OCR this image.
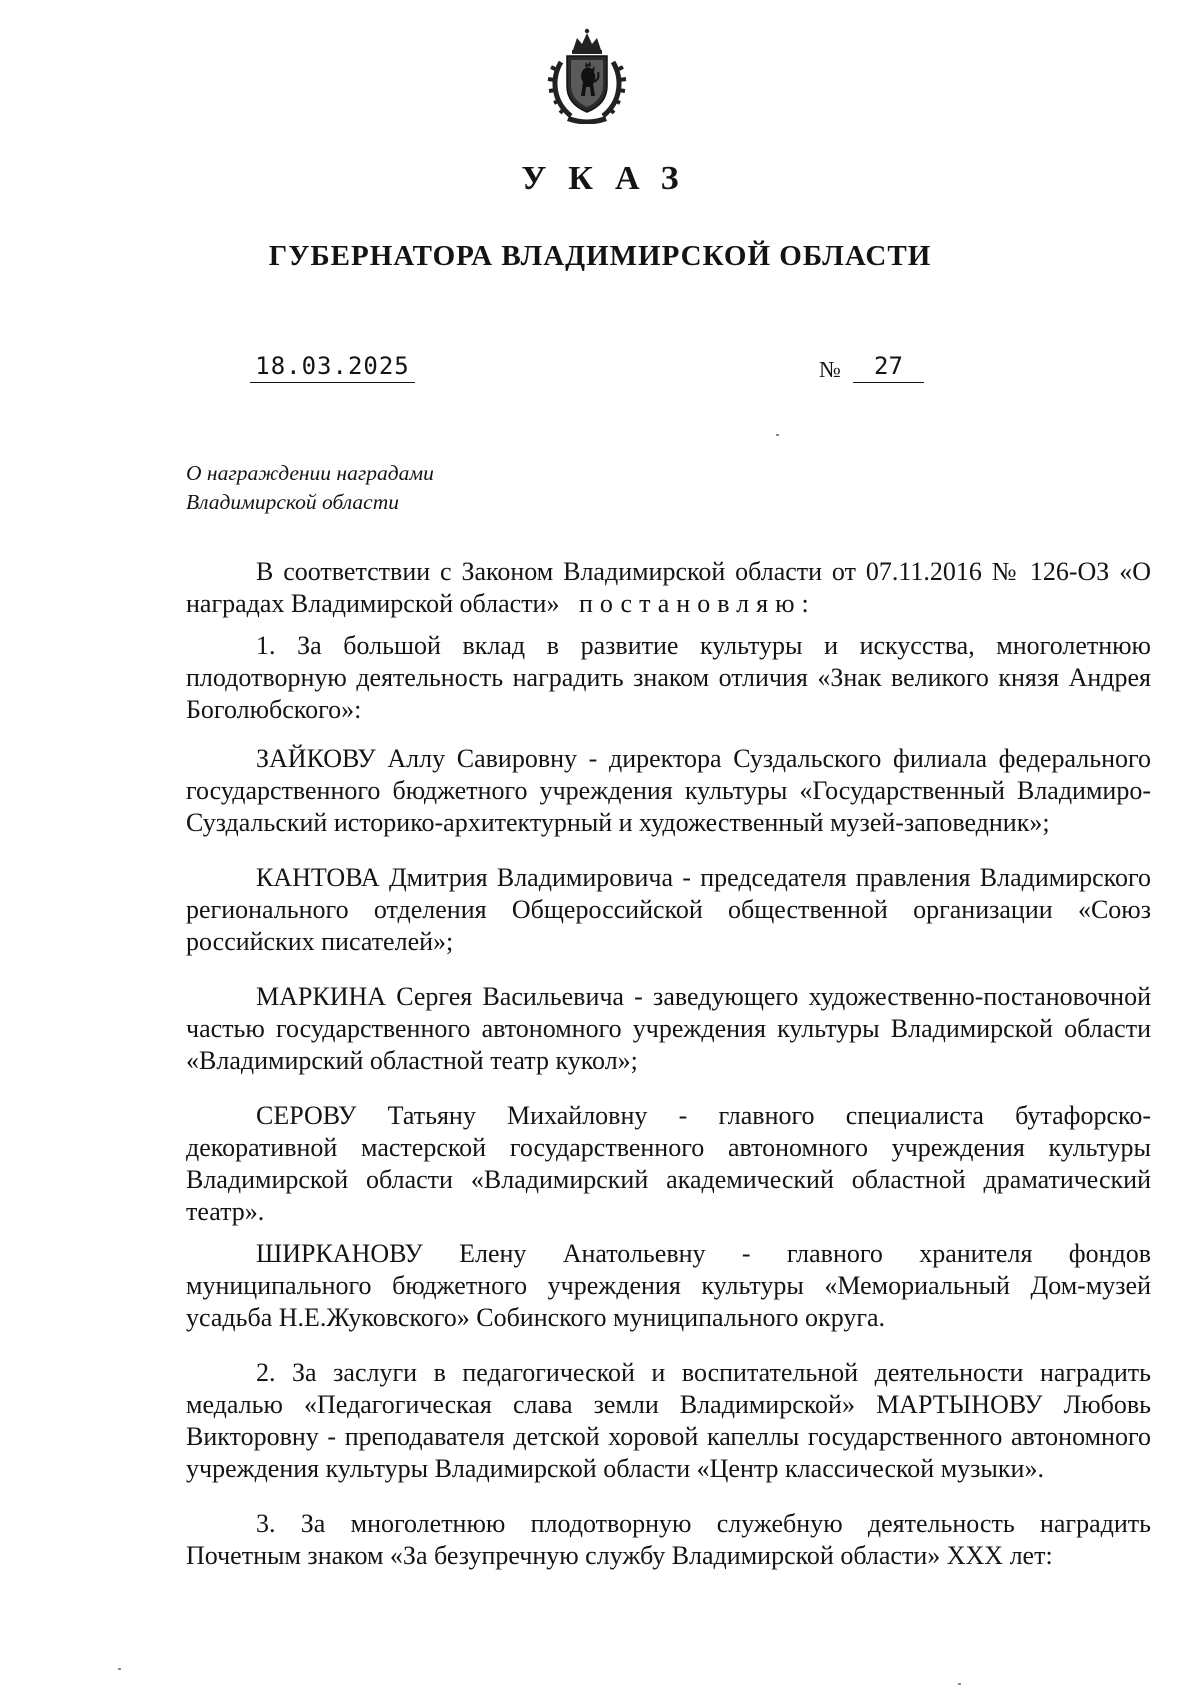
УКАЗ
ГУБЕРНАТОРА ВЛАДИМИРСКОЙ ОБЛАСТИ
18.03.2025	№	27
О награждении наградами
Владимирской области

В соответствии с Законом Владимирской области от 07.11.2016 № 126-ОЗ «О наградах Владимирской области» постановляю:

1. За большой вклад в развитие культуры и искусства, многолетнюю плодотворную деятельность наградить знаком отличия «Знак великого князя Андрея Боголюбского»:

ЗАЙКОВУ Аллу Савировну - директора Суздальского филиала федерального государственного бюджетного учреждения культуры «Государственный Владимиро-Суздальский историко-архитектурный и художественный музей-заповедник»;

КАНТОВА Дмитрия Владимировича - председателя правления Владимирского регионального отделения Общероссийской общественной организации «Союз российских писателей»;

МАРКИНА Сергея Васильевича - заведующего художественно-постановочной частью государственного автономного учреждения культуры Владимирской области «Владимирский областной театр кукол»;

СЕРОВУ Татьяну Михайловну - главного специалиста бутафорско-декоративной мастерской государственного автономного учреждения культуры Владимирской области «Владимирский академический областной драматический театр».

ШИРКАНОВУ Елену Анатольевну - главного хранителя фондов муниципального бюджетного учреждения культуры «Мемориальный Дом-музей усадьба Н.Е.Жуковского» Собинского муниципального округа.

2. За заслуги в педагогической и воспитательной деятельности наградить медалью «Педагогическая слава земли Владимирской» МАРТЫНОВУ Любовь Викторовну - преподавателя детской хоровой капеллы государственного автономного учреждения культуры Владимирской области «Центр классической музыки».

3. За многолетнюю плодотворную служебную деятельность наградить Почетным знаком «За безупречную службу Владимирской области» XXX лет:
